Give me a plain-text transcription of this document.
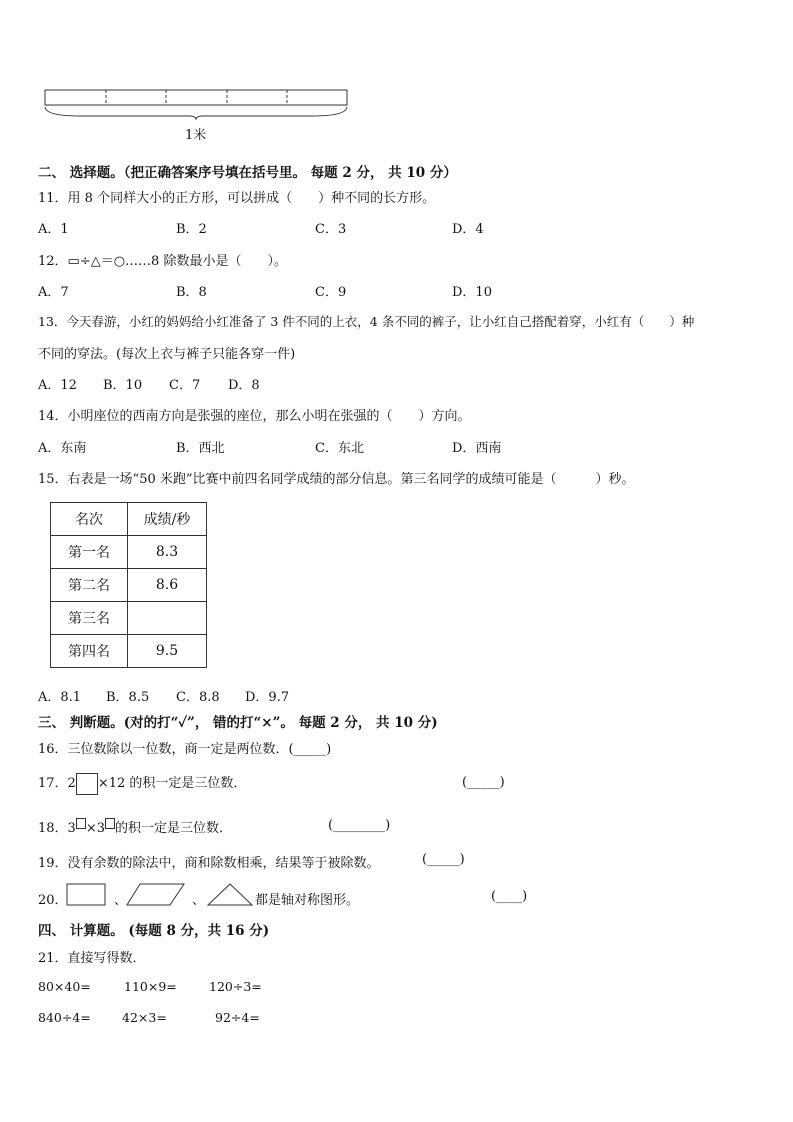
1米
二、 选择题。（把正确答案序号填在括号里。 每题 2 分， 共 10 分）
11．用 8 个同样大小的正方形，可以拼成（　　）种不同的长方形。
A．1	B．2	C．3	D．4
12．▭÷△＝○……8 除数最小是（　　）。
A．7	B．8	C．9	D．10
13．今天春游，小红的妈妈给小红准备了 3 件不同的上衣，4 条不同的裤子，让小红自己搭配着穿，小红有（　　）种
不同的穿法。(每次上衣与裤子只能各穿一件)
A．12 B．10 C．7 D．8
14．小明座位的西南方向是张强的座位，那么小明在张强的（　　）方向。
A．东南	B．西北	C．东北	D．西南
15．右表是一场“50 米跑”比赛中前四名同学成绩的部分信息。第三名同学的成绩可能是（　　　）秒。
名次	成绩/秒
第一名	8.3
第二名	8.6
第三名	
第四名	9.5
A．8.1 B．8.5 C．8.8 D．9.7
三、 判断题。(对的打“✓”， 错的打“×”。 每题 2 分， 共 10 分)
16．三位数除以一位数，商一定是两位数．(_____)
17．2 ×12 的积一定是三位数．	(_____)
18．3 ×3 的积一定是三位数．	(________)
19．没有余数的除法中，商和除数相乘，结果等于被除数。	(_____)
20．	、	、	都是轴对称图形。	(____)
四、 计算题。 (每题 8 分，共 16 分)
21．直接写得数．
80×40=	110×9=	120÷3=
840÷4= 42×3=	92÷4=
